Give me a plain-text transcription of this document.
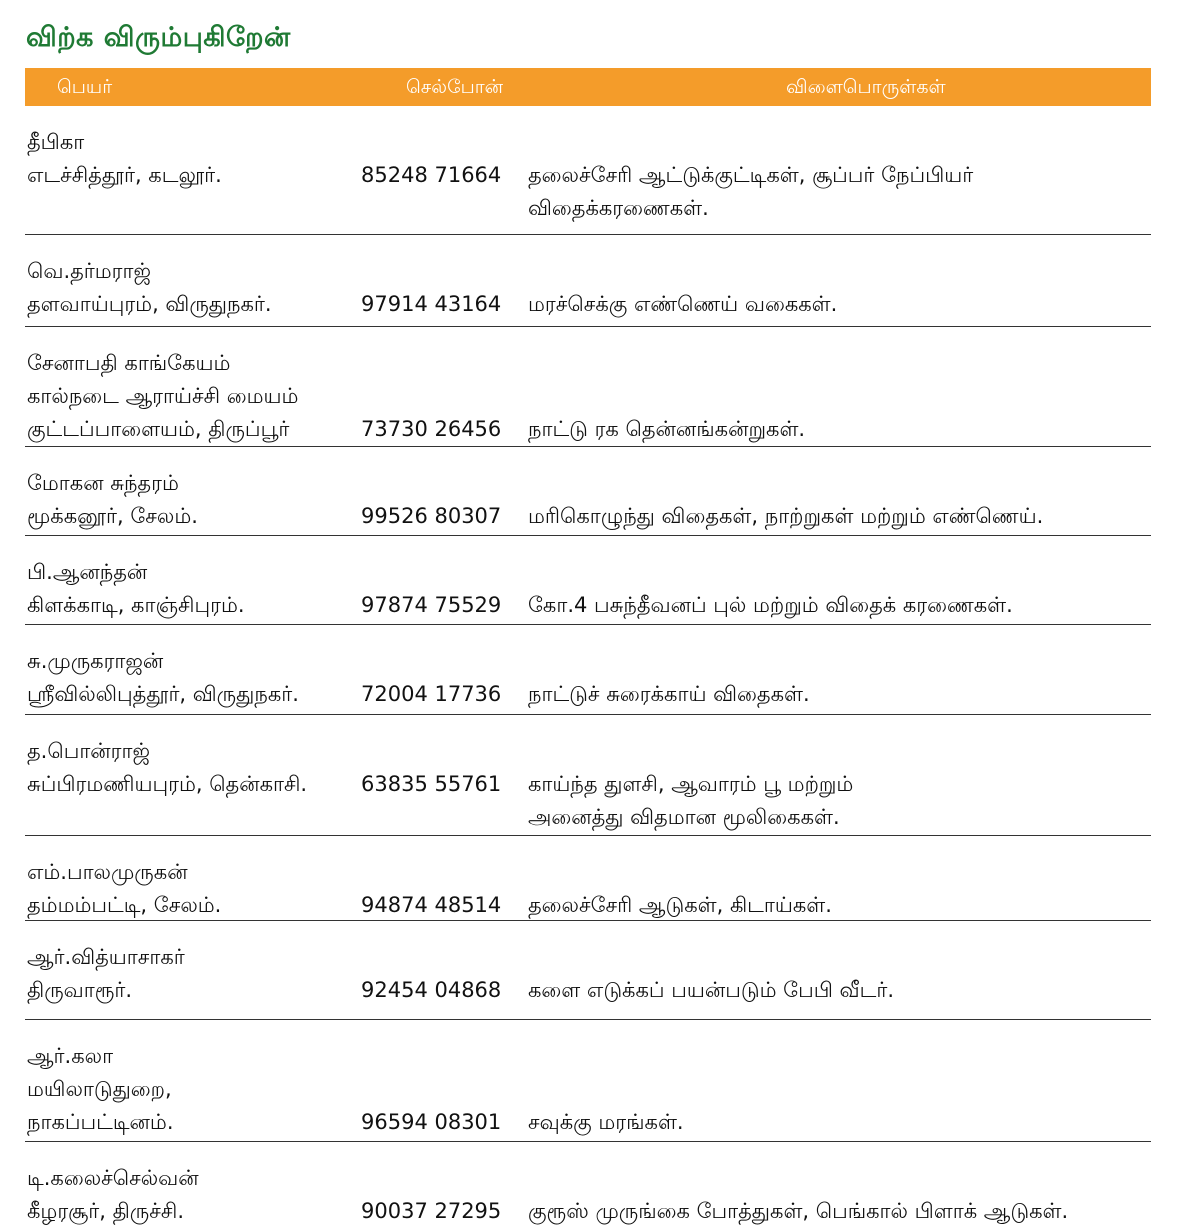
விற்க விரும்புகிறேன்
பெயர்	செல்போன்	விளைபொருள்கள்
தீபிகா
எடச்சித்தூர், கடலூர்.	85248 71664 தலைச்சேரி ஆட்டுக்குட்டிகள், சூப்பர் நேப்பியர்
விதைக்கரணைகள்.
வெ.தர்மராஜ்
தளவாய்புரம், விருதுநகர்.	97914 43164 மரச்செக்கு எண்ணெய் வகைகள்.
சேனாபதி காங்கேயம்
கால்நடை ஆராய்ச்சி மையம்
குட்டப்பாளையம், திருப்பூர்	73730 26456 நாட்டு ரக தென்னங்கன்றுகள்.
மோகன சுந்தரம்
மூக்கனூர், சேலம்.	99526 80307 மரிகொழுந்து விதைகள், நாற்றுகள் மற்றும் எண்ணெய்.
பி.ஆனந்தன்
கிளக்காடி, காஞ்சிபுரம்.	97874 75529 கோ.4 பசுந்தீவனப் புல் மற்றும் விதைக் கரணைகள்.
சு.முருகராஜன்
ஸ்ரீவில்லிபுத்தூர், விருதுநகர்.	72004 17736 நாட்டுச் சுரைக்காய் விதைகள்.
த.பொன்ராஜ்
சுப்பிரமணியபுரம், தென்காசி.	63835 55761 காய்ந்த துளசி, ஆவாரம் பூ மற்றும்
அனைத்து விதமான மூலிகைகள்.
எம்.பாலமுருகன்
தம்மம்பட்டி, சேலம்.	94874 48514 தலைச்சேரி ஆடுகள், கிடாய்கள்.
ஆர்.வித்யாசாகர்
திருவாரூர்.	92454 04868 களை எடுக்கப் பயன்படும் பேபி வீடர்.
ஆர்.கலா
மயிலாடுதுறை,
நாகப்பட்டினம்.	96594 08301 சவுக்கு மரங்கள்.
டி.கலைச்செல்வன்
கீழரசூர், திருச்சி.	90037 27295 குரூஸ் முருங்கை போத்துகள், பெங்கால் பிளாக் ஆடுகள்.
